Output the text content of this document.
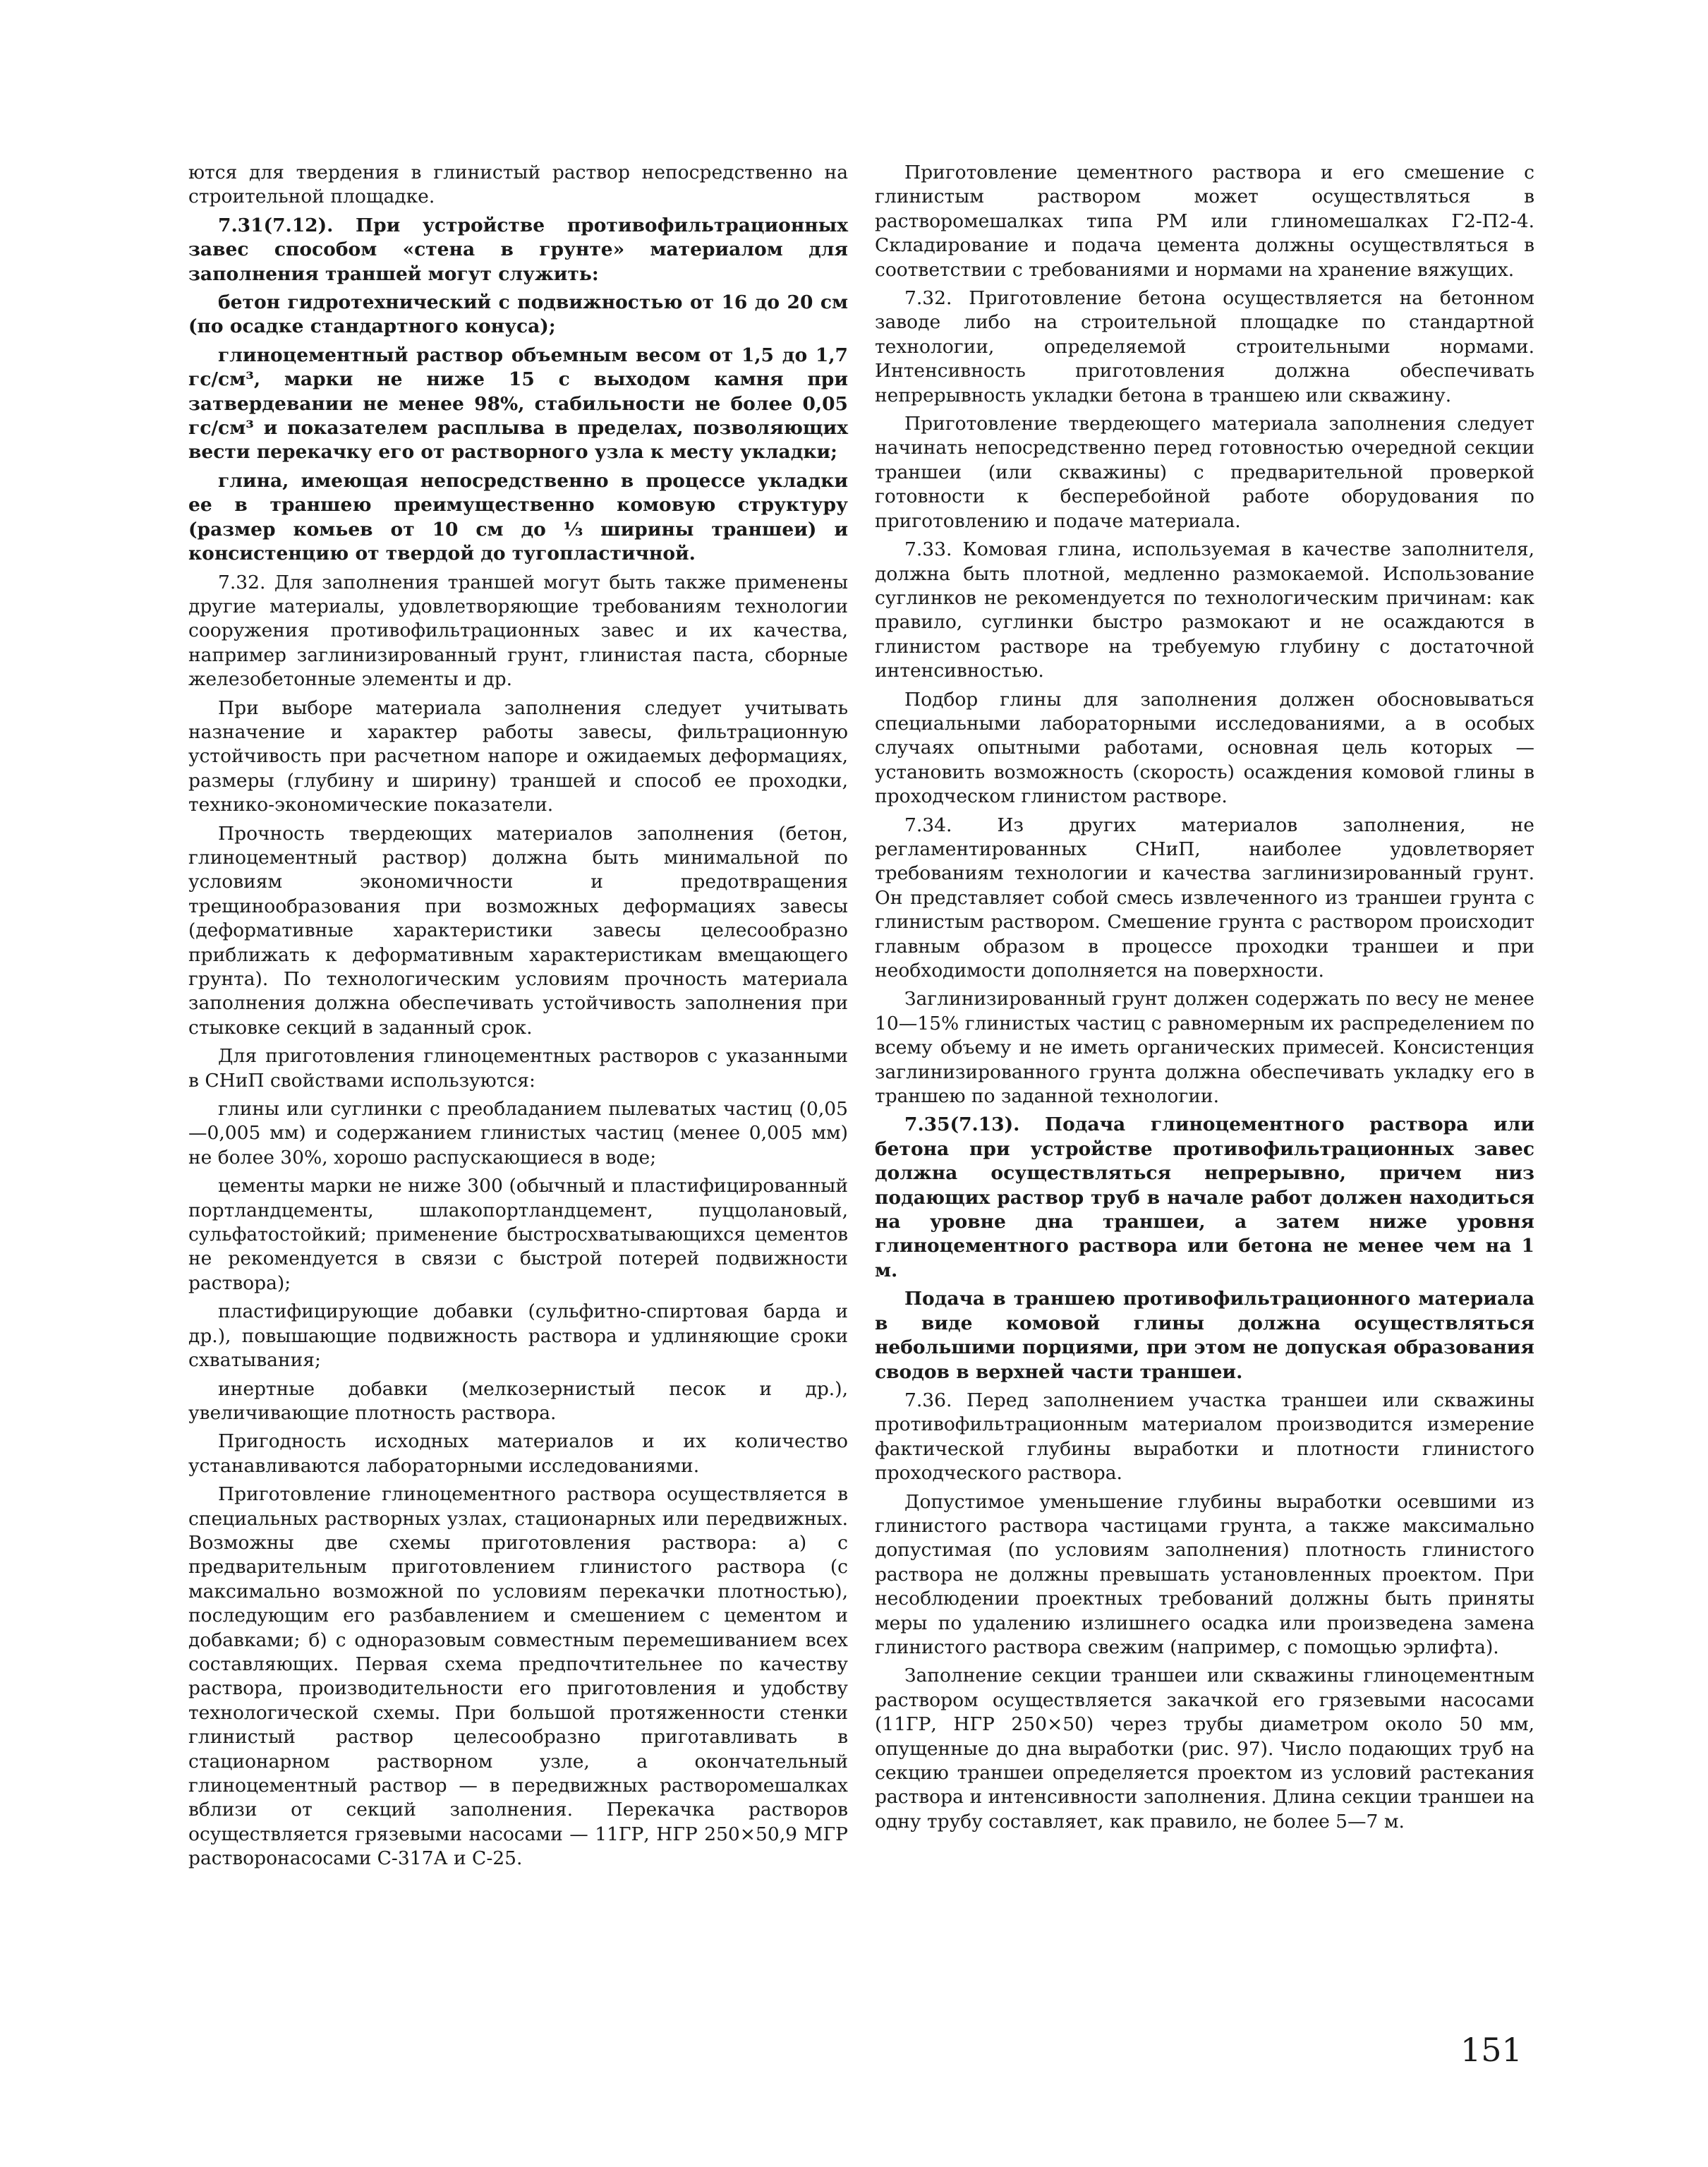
ются для твердения в глинистый раствор непосредственно на строительной площадке.

7.31(7.12). При устройстве противофильтрационных завес способом «стена в грунте» материалом для заполнения траншей могут служить:

бетон гидротехнический с подвижностью от 16 до 20 см (по осадке стандартного конуса);

глиноцементный раствор объемным весом от 1,5 до 1,7 гс/см³, марки не ниже 15 с выходом камня при затвердевании не менее 98%, стабильности не более 0,05 гс/см³ и показателем расплыва в пределах, позволяющих вести перекачку его от растворного узла к месту укладки;

глина, имеющая непосредственно в процессе укладки ее в траншею преимущественно комовую структуру (размер комьев от 10 см до ⅓ ширины траншеи) и консистенцию от твердой до тугопластичной.

7.32. Для заполнения траншей могут быть также применены другие материалы, удовлетворяющие требованиям технологии сооружения противофильтрационных завес и их качества, например заглинизированный грунт, глинистая паста, сборные железобетонные элементы и др.

При выборе материала заполнения следует учитывать назначение и характер работы завесы, фильтрационную устойчивость при расчетном напоре и ожидаемых деформациях, размеры (глубину и ширину) траншей и способ ее проходки, технико-экономические показатели.

Прочность твердеющих материалов заполнения (бетон, глиноцементный раствор) должна быть минимальной по условиям экономичности и предотвращения трещинообразования при возможных деформациях завесы (деформативные характеристики завесы целесообразно приближать к деформативным характеристикам вмещающего грунта). По технологическим условиям прочность материала заполнения должна обеспечивать устойчивость заполнения при стыковке секций в заданный срок.

Для приготовления глиноцементных растворов с указанными в СНиП свойствами используются:

глины или суглинки с преобладанием пылеватых частиц (0,05—0,005 мм) и содержанием глинистых частиц (менее 0,005 мм) не более 30%, хорошо распускающиеся в воде;

цементы марки не ниже 300 (обычный и пластифицированный портландцементы, шлакопортландцемент, пуццолановый, сульфатостойкий; применение быстросхватывающихся цементов не рекомендуется в связи с быстрой потерей подвижности раствора);

пластифицирующие добавки (сульфитно-спиртовая барда и др.), повышающие подвижность раствора и удлиняющие сроки схватывания;

инертные добавки (мелкозернистый песок и др.), увеличивающие плотность раствора.

Пригодность исходных материалов и их количество устанавливаются лабораторными исследованиями.

Приготовление глиноцементного раствора осуществляется в специальных растворных узлах, стационарных или передвижных. Возможны две схемы приготовления раствора: а) с предварительным приготовлением глинистого раствора (с максимально возможной по условиям перекачки плотностью), последующим его разбавлением и смешением с цементом и добавками; б) с одноразовым совместным перемешиванием всех составляющих. Первая схема предпочтительнее по качеству раствора, производительности его приготовления и удобству технологической схемы. При большой протяженности стенки глинистый раствор целесообразно приготавливать в стационарном растворном узле, а окончательный глиноцементный раствор — в передвижных растворомешалках вблизи от секций заполнения. Перекачка растворов осуществляется грязевыми насосами — 11ГР, НГР 250×50,9 МГР растворонасосами С-317А и С-25.

Приготовление цементного раствора и его смешение с глинистым раствором может осуществляться в растворомешалках типа РМ или глиномешалках Г2-П2-4. Складирование и подача цемента должны осуществляться в соответствии с требованиями и нормами на хранение вяжущих.

7.32. Приготовление бетона осуществляется на бетонном заводе либо на строительной площадке по стандартной технологии, определяемой строительными нормами. Интенсивность приготовления должна обеспечивать непрерывность укладки бетона в траншею или скважину.

Приготовление твердеющего материала заполнения следует начинать непосредственно перед готовностью очередной секции траншеи (или скважины) с предварительной проверкой готовности к бесперебойной работе оборудования по приготовлению и подаче материала.

7.33. Комовая глина, используемая в качестве заполнителя, должна быть плотной, медленно размокаемой. Использование суглинков не рекомендуется по технологическим причинам: как правило, суглинки быстро размокают и не осаждаются в глинистом растворе на требуемую глубину с достаточной интенсивностью.

Подбор глины для заполнения должен обосновываться специальными лабораторными исследованиями, а в особых случаях опытными работами, основная цель которых — установить возможность (скорость) осаждения комовой глины в проходческом глинистом растворе.

7.34. Из других материалов заполнения, не регламентированных СНиП, наиболее удовлетворяет требованиям технологии и качества заглинизированный грунт. Он представляет собой смесь извлеченного из траншеи грунта с глинистым раствором. Смешение грунта с раствором происходит главным образом в процессе проходки траншеи и при необходимости дополняется на поверхности.

Заглинизированный грунт должен содержать по весу не менее 10—15% глинистых частиц с равномерным их распределением по всему объему и не иметь органических примесей. Консистенция заглинизированного грунта должна обеспечивать укладку его в траншею по заданной технологии.

7.35(7.13). Подача глиноцементного раствора или бетона при устройстве противофильтрационных завес должна осуществляться непрерывно, причем низ подающих раствор труб в начале работ должен находиться на уровне дна траншеи, а затем ниже уровня глиноцементного раствора или бетона не менее чем на 1 м.

Подача в траншею противофильтрационного материала в виде комовой глины должна осуществляться небольшими порциями, при этом не допуская образования сводов в верхней части траншеи.

7.36. Перед заполнением участка траншеи или скважины противофильтрационным материалом производится измерение фактической глубины выработки и плотности глинистого проходческого раствора.

Допустимое уменьшение глубины выработки осевшими из глинистого раствора частицами грунта, а также максимально допустимая (по условиям заполнения) плотность глинистого раствора не должны превышать установленных проектом. При несоблюдении проектных требований должны быть приняты меры по удалению излишнего осадка или произведена замена глинистого раствора свежим (например, с помощью эрлифта).

Заполнение секции траншеи или скважины глиноцементным раствором осуществляется закачкой его грязевыми насосами (11ГР, НГР 250×50) через трубы диаметром около 50 мм, опущенные до дна выработки (рис. 97). Число подающих труб на секцию траншеи определяется проектом из условий растекания раствора и интенсивности заполнения. Длина секции траншеи на одну трубу составляет, как правило, не более 5—7 м.

151
